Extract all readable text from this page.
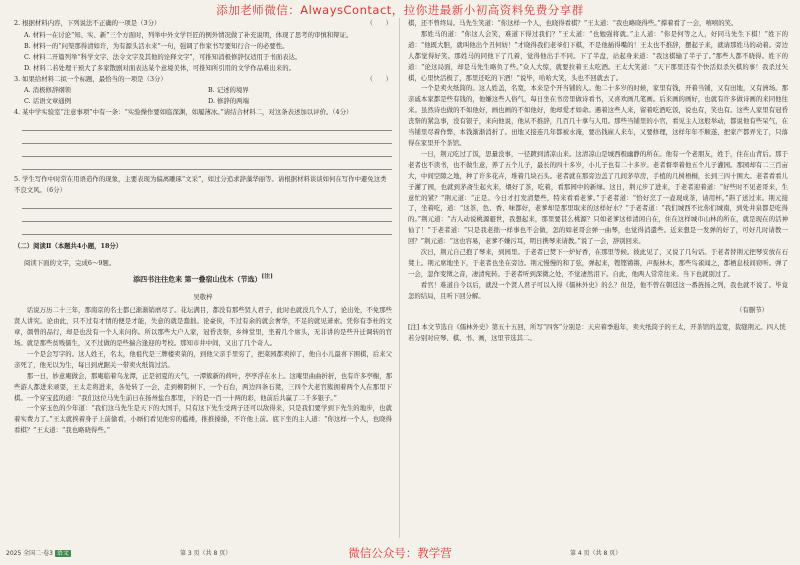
添加老师微信：AlwaysContact，拉你进最新小初高资料免费分享群

（　　）
2. 根据材料内容，下列说法不正确的一项是（3分）

A. 材料一在讨论“知、实、新”三个方面时，列举中外文学巨匠的例外情况做了补充说明，体现了思考的审慎和辩证。

B. 材料一的“问渠那得清如许，为有源头活水来”一句，强调了作家书写要知行合一的必要性。

C. 材料二开篇列举“科学文字、法令文字及其他的诠释文字”，可推知消极修辞仅适用于书面表达。

D. 材料二若处理干预大了多家散剧对面表达某个意境美体，可推知所引用的文学作品难出来的。

（　　）
3. 如果给材料二拟一个标题，最恰当的一项是（3分）

A. 消极修辞纲领	B. 记述的境界
C. 话语文章通例	D. 修辞的两端

4. 某中学实验室“注意事项”中有一条：“实验操作要如临深渊，如履薄冰。”请结合材料二，对这条表述加以评价。（4分）

5. 学生写作中时常在用语造作的现象，主要表现为偏离雕琢“文采”，如过分追求辞藻华丽等。请根据材料谈谈如何在写作中避免这类不良文风。（6分）

（二）阅读Ⅱ（本题共4小题，18分）

阅读下面的文字，完成6～9题。

添四书注往危来 第一叠宿山伐木（节选）[注]

吴敬梓

话说万历二十三年，那南京的名士都已渐渐销磨尽了。花坛满目，都没有那些贤人君子，此时也就没几个人了，论出处，不免那些贤人讲究。论由此，只不过有才情的便是才能，失意的就是蠢拙。论豪侠，不过有余的就会奢华，不足的就见萧索。凭你有李杜的文章，颜曾的品行，却是也没有一个人来问你。所以那些大户人家，冠昏丧祭，乡绅堂里，坐着几个席头，无非讲的是些升迁调转的官场。就是那些贫贱儒生，又不过做的是些揣合逢迎的考校。那知市井中间，又出了几个奇人。

一个是会写字的。这人姓王，名太，他祖代是三牌楼卖菜的，到他父亲手里穷了，把菜园都卖掉了，他自小儿最喜下围棋，后来父亲死了，他无以为生，每日到虎踞关一带卖火纸筒过活。

那一日，妙意庵做会，那庵临着乌龙潭，正是初夏的天气，一潭簇新的荷叶，亭亭浮在水上。这庵里曲曲折折，也有许多亭榭，那些游人都进来顽耍，王太走将进来，各处转了一会，走到柳阴树下，一个石台，两边四条石凳，三四个大老官簇拥着两个人在那里下棋。一个穿宝蓝的道：“我们这位马先生前日在扬州盐台那里，下的是一百一十两的彩，他前后共赢了二千多银子。”

一个穿玉色的少年道：“我们这马先生是天下的大国手，只有这下先生受两子还可以敌得来，只是我们要学到下先生的地步，也就着实费力了。”王太就挨着身子上前偷看，小厮们看见他穷的褴褛，推推搡搡，不许他上前。底下坐的主人道：“你这样一个人，也晓得看棋？”王太道：“我也略晓得些。”

棋，还不曾终局。马先生笑道：“你这样一个人，也晓得看棋？”王太道：“我也略晓得些。”撑着看了一会，嘻嘻的笑。

那姓马的道：“你这人会笑，难道下得过我们？”王太道：“也勉强将就。”主人道：“你是何等之人，好同马先生下棋！”姓下的道：“他既大胆，就叫他出个丑何妨！”才晓得我们老爷们下棋，不是他插得嘴的！王太也不推辞，摆起子来，就请那姓马的动着。旁边人都觉得好笑。那姓马的同他下了几着，觉得他出手不同。下了半盘，站起身来道：“我这棋输了半子了。”那些人都不晓得。姓下的道：“论这局面，却是马先生略负了些。”众人大惊，就要拉着王太吃酒。王太大笑道：“天下那里还有个快活似杀矢棋的事！我杀过矢棋，心里快活极了，那里还吃的下酒！”说毕，哈哈大笑，头也不回就去了。

一个是卖火纸筒的。这人姓盖，名宽，本来是个开当铺的人。他二十多岁的时候，家里有钱，开着当铺，又有田地，又有洲场。那亲戚本家都是些有钱的，他嫌这些人俗气，每日坐在书房里做诗看书，又喜欢画几笔画。后来画的画好，也就有许多做诗画的来同他往来。虽然诗也做的不如他好，画也画的不如他好，他却爱才如命。遇着这些人来，留着吃酒吃饭，说也有，笑也有。这些人家里有冠昏丧祭的紧急事，没有银子，来向他说，他从不推辞，几百几十拿与人用。那些当铺里的小官，看见主人这般举动，都说他有些呆气，在当铺里尽着作弊，本钱渐渐消折了。田地又接连几年都被水淹，要出钱雇人来车，又要修理，这样年年不顺遂，把家产都弄光了，只落得在家里开个茶馆。

一日，荆元吃过了饭，思量没事，一径踱到清凉山来。这清凉山是城西极幽静的所在。他有一个老朋友，姓于，住在山背后。那于老者也不读书，也不做生意，养了五个儿子，最长的四十多岁，小儿子也有二十多岁。老者督率着他五个儿子灌园。那园却有二三百亩大，中间空隙之地，种了许多花卉，堆着几块石头。老者就在那旁边盖了几间茅草房，手植的几树梧桐，长到三四十围大。老者看看儿子灌了园，也就到茅斋生起火来，煨好了茶，吃着，看那园中的新绿。这日，荆元步了进来，于老者迎着道：“好些时不见老哥来，生意忙的紧？”荆元道：“正是。今日才打发清楚些，特来看看老爹。”于老者道：“恰好烹了一壶现成茶，请用杯。”斟了送过来。荆元接了，坐着吃，道：“这茶，色、香、味都好，老爹却是那里取来的这样好水？”于老者道：“我们城西不比你们城南，到处井泉都是吃得的。”荆元道：“古人动说桃源避世，我想起来，那里要甚么桃源？只如老爹这样清闲自在，住在这样城市山林的所在，就是现在的活神仙了！”于老者道：“只是我老拙一样事也不会做，怎的如老哥会弹一曲琴，也觉得消遣些。近来想是一发弹的好了，可好几时请教一回？”荆元道：“这也容易，老爹不嫌污耳，明日携琴来请教。”说了一会，辞别回来。

次日，荆元自己抱了琴来，到园里。于老者已焚下一炉好香，在那里等候。彼此见了，又说了几句话。于老者替荆元把琴安放在石凳上。荆元席地坐下，于老者也坐在旁边。荆元慢慢的和了弦，弹起来，铿铿锵锵，声振林木，那些鸟雀闻之，都栖息枝间窃听。弹了一会，忽作变徵之音，凄清宛转。于老者听到深微之处，不觉凄然泪下。自此，他两人常常往来。当下也就别过了。

看官！难道自今以后，就没一个贤人君子可以入得《儒林外史》的么？但是，他不曾在朝廷这一番旌扬之列，我也就不说了。毕竟怎的结局，且听下回分解。

（有删节）

[注] 本文节选自《儒林外史》第五十五回，所写“四客”分别是：天应着季遐年，卖火纸筒子的王太，开茶馆的盖宽，裁缝荆元。四人恍若分别对应琴、棋、书、画，这里节选其二。

2025 全国二·卷3 语文	第 3 页（共 8 页）	第 4 页（共 8 页）
微信公众号：教学营
